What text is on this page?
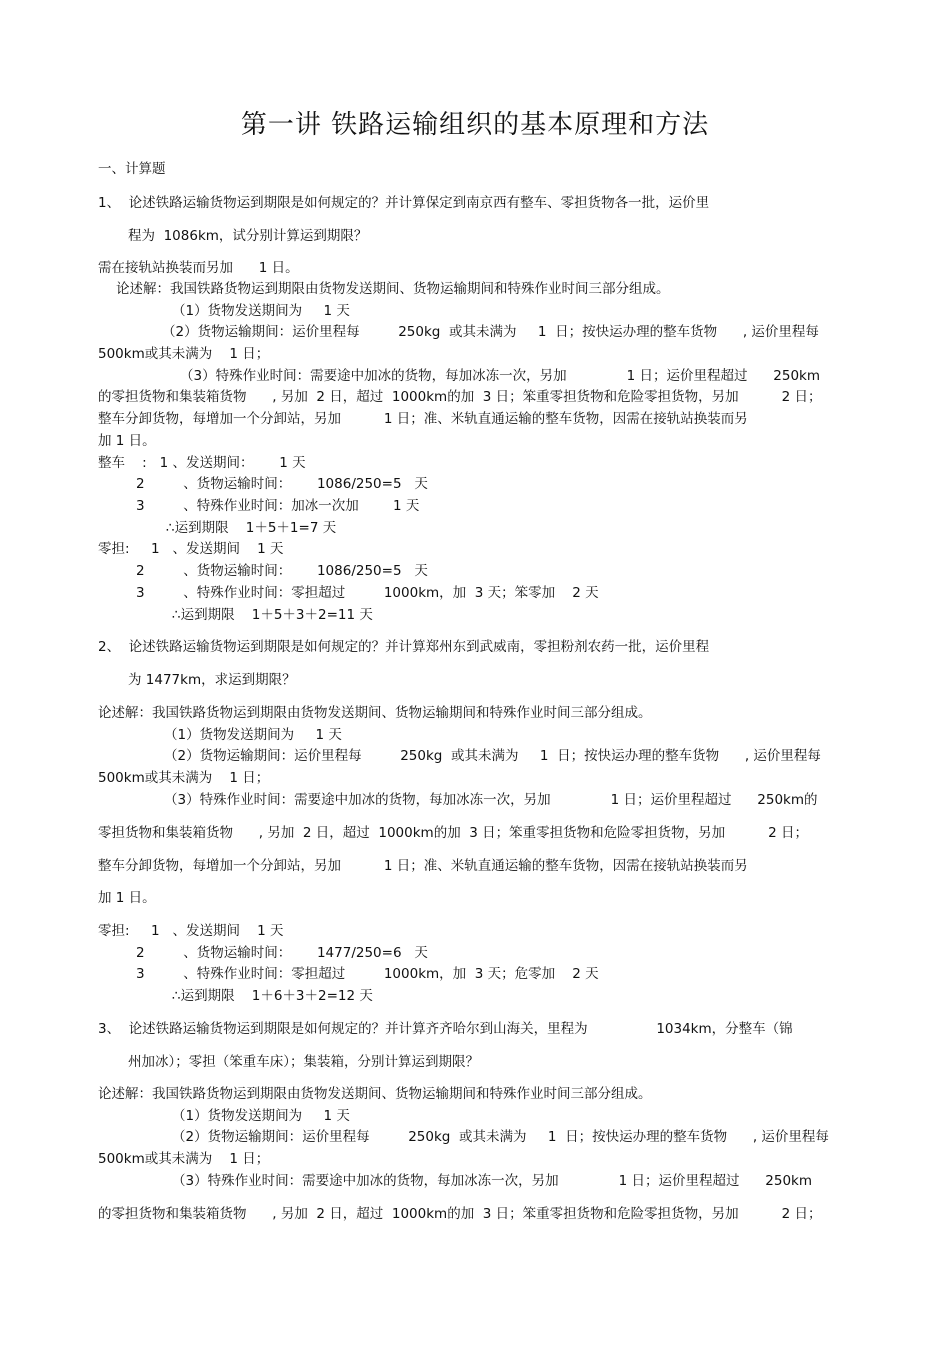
第一讲 铁路运输组织的基本原理和方法
一、计算题
1、  论述铁路运输货物运到期限是如何规定的？并计算保定到南京西有整车、零担货物各一批，运价里
程为  1086km，试分别计算运到期限？
需在接轨站换装而另加      1 日。
论述解：我国铁路货物运到期限由货物发送期间、货物运输期间和特殊作业时间三部分组成。
（1）货物发送期间为     1 天
（2）货物运输期间：运价里程每         250kg  或其未满为     1  日；按快运办理的整车货物      , 运价里程每
500km或其未满为    1 日；
（3）特殊作业时间：需要途中加冰的货物，每加冰冻一次，另加              1 日；运价里程超过      250km
的零担货物和集装箱货物      , 另加  2 日，超过  1000km的加  3 日；笨重零担货物和危险零担货物，另加          2 日；
整车分卸货物，每增加一个分卸站，另加          1 日；准、米轨直通运输的整车货物，因需在接轨站换装而另
加 1 日。
整车    :   1 、发送期间：      1 天
2         、货物运输时间：      1086/250=5   天
3         、特殊作业时间：加冰一次加        1 天
∴运到期限    1＋5＋1=7 天
零担:     1   、发送期间    1 天
2         、货物运输时间：      1086/250=5   天
3         、特殊作业时间：零担超过         1000km，加  3 天；笨零加    2 天
∴运到期限    1＋5＋3＋2=11 天
2、  论述铁路运输货物运到期限是如何规定的？并计算郑州东到武威南，零担粉剂农药一批，运价里程
为 1477km，求运到期限？
论述解：我国铁路货物运到期限由货物发送期间、货物运输期间和特殊作业时间三部分组成。
（1）货物发送期间为     1 天
（2）货物运输期间：运价里程每         250kg  或其未满为     1  日；按快运办理的整车货物      , 运价里程每
500km或其未满为    1 日；
（3）特殊作业时间：需要途中加冰的货物，每加冰冻一次，另加              1 日；运价里程超过      250km的
零担货物和集装箱货物      , 另加  2 日，超过  1000km的加  3 日；笨重零担货物和危险零担货物，另加          2 日；
整车分卸货物，每增加一个分卸站，另加          1 日；准、米轨直通运输的整车货物，因需在接轨站换装而另
加 1 日。
零担:     1   、发送期间    1 天
2         、货物运输时间：      1477/250=6   天
3         、特殊作业时间：零担超过         1000km，加  3 天；危零加    2 天
∴运到期限    1＋6＋3＋2=12 天
3、  论述铁路运输货物运到期限是如何规定的？并计算齐齐哈尔到山海关，里程为                1034km，分整车（锦
州加冰）；零担（笨重车床）；集装箱，分别计算运到期限？
论述解：我国铁路货物运到期限由货物发送期间、货物运输期间和特殊作业时间三部分组成。
（1）货物发送期间为     1 天
（2）货物运输期间：运价里程每         250kg  或其未满为     1  日；按快运办理的整车货物      , 运价里程每
500km或其未满为    1 日；
（3）特殊作业时间：需要途中加冰的货物，每加冰冻一次，另加              1 日；运价里程超过      250km
的零担货物和集装箱货物      , 另加  2 日，超过  1000km的加  3 日；笨重零担货物和危险零担货物，另加          2 日；
